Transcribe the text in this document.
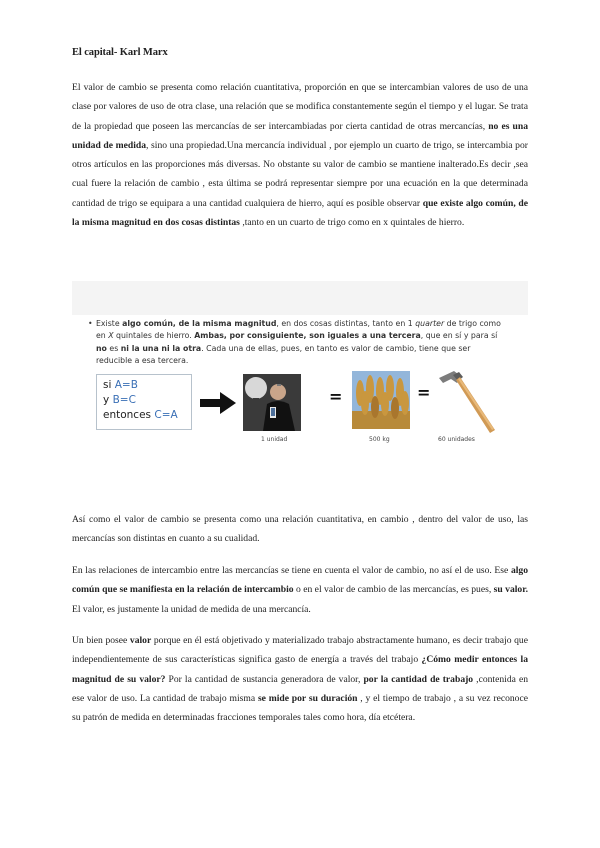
El capital- Karl Marx

El valor de cambio se presenta como relación cuantitativa, proporción en que se intercambian valores de uso de una clase por valores de uso de otra clase, una relación que se modifica constantemente según el tiempo y el lugar. Se trata de la propiedad que poseen las mercancías de ser intercambiadas por cierta cantidad de otras mercancías, no es una unidad de medida, sino una propiedad.Una mercancía individual , por ejemplo un cuarto de trigo, se intercambia por otros artículos en las proporciones más diversas. No obstante su valor de cambio se mantiene inalterado.Es decir ,sea cual fuere la relación de cambio , esta última se podrá representar siempre por una ecuación en la que determinada cantidad de trigo se equipara a una cantidad cualquiera de hierro, aquí es posible observar que existe algo común, de la misma magnitud en dos cosas distintas ,tanto en un cuarto de trigo como en x quintales de hierro.

• Existe algo común, de la misma magnitud, en dos cosas distintas, tanto en 1 quarter de trigo como en X quintales de hierro. Ambas, por consiguiente, son iguales a una tercera, que en sí y para sí no es ni la una ni la otra. Cada una de ellas, pues, en tanto es valor de cambio, tiene que ser reducible a esa tercera.
si A=B
y B=C
entonces C=A
=	=
1 unidad	500 kg	60 unidades

Así como el valor de cambio se presenta como una relación cuantitativa, en cambio , dentro del valor de uso, las mercancías son distintas en cuanto a su cualidad.

En las relaciones de intercambio entre las mercancías se tiene en cuenta el valor de cambio, no así el de uso. Ese algo común que se manifiesta en la relación de intercambio o en el valor de cambio de las mercancías, es pues, su valor. El valor, es justamente la unidad de medida de una mercancía.

Un bien posee valor porque en él está objetivado y materializado trabajo abstractamente humano, es decir trabajo que independientemente de sus características significa gasto de energía a través del trabajo ¿Cómo medir entonces la magnitud de su valor? Por la cantidad de sustancia generadora de valor, por la cantidad de trabajo ,contenida en ese valor de uso. La cantidad de trabajo misma se mide por su duración , y el tiempo de trabajo , a su vez reconoce su patrón de medida en determinadas fracciones temporales tales como hora, día etcétera.
